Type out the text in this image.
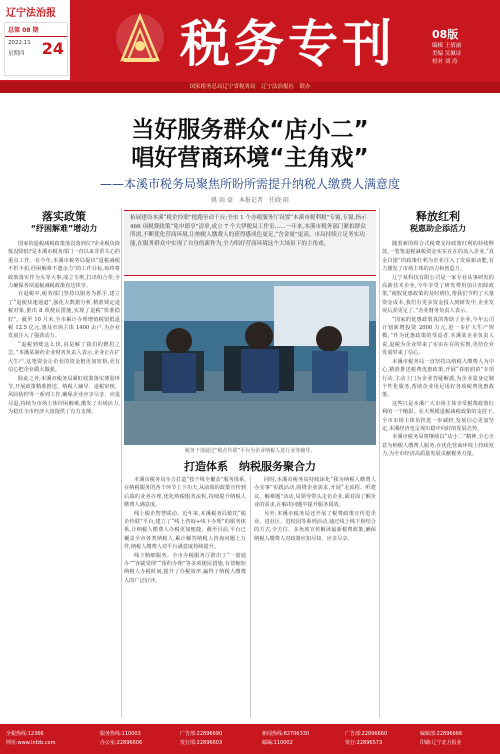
辽宁法治报
总第 08 期
2022.11
星期四	24 税务专刊	08版
编辑 王倩丽
美编 吴佩诗
校对 刘 涛
国家税务总局辽宁省税务局　辽宁法治报社　联办
当好服务群众“店小二”
唱好营商环境“主角戏”
——本溪市税务局聚焦所盼所需提升纳税人缴费人满意度
姚 雨 豪　本报记者　任晓 雨
落实政策
“纾困解难”增动力

国家的退税减税政策落没落到位?企业税负降低没降低?是本溪市税务部门一直以来非常关心的重点工作。在今年,本溪市税务局提出“退税减税不折不扣,纾困解难不遗余力”的工作目标,始终将政策落实作为头等大事,成立专班,打出组合拳,全力确保各项退税减税政策直达快享。

在退税中,税务部门坚持以服务为抓手,建立了“退税快速通道”,强化大数据分析,精准锁定退税对象,推出 8 项便民措施,实现了退税“快准稳好”。截至 10 月末,全市累计办理增值税留抵退税 12.5 亿元,惠及市场主体 1400 余户,为企业发展注入了强劲动力。

“退税到账这么快,真是解了我们的燃眉之急。”本溪某制药企业财务负责人表示,企业正在扩大生产,这笔资金让企业的资金链更加宽裕,更有信心把企业做大做强。

除此之外,本溪市税务局紧盯政策落实薄弱环节,开展政策精准推送、纳税人辅导、退税审核、风险防控等一系列工作,确保企业应享尽享、应退尽退,持续为市场主体纾困解难,激发了市场活力,为稳住全市经济大盘提供了有力支撑。

拓展建设本溪“税企拎联”抢跑至动千台;全市 1 个办税服务厅设置“本溪市税利税”专窗,专窗,指示 466 项税费政策“免申即享”清单,成立 7 个大伊税局工作室……一年来,本溪市税务部门紧扣群众所需,不断优化营商环境,让纳税人缴费人的获得感成色更足,“含金量”更高。市局持续立足务实功能,在服务群众中实现了自身的新作为,全力唱好营商环境这个大场景下的主角戏。
税务干部通过“税企拎联”平台为企业纳税人进行业务辅导。
打造体系　纳税服务聚合力

本溪市税务局全力打造“枝干线全覆盖”服务体系,在纳税服务的各个环节上下功夫,从前端的政策宣传到后端的业务办理,优化纳税服务流程,持续提升纳税人缴费人满意度。

线上税企智慧联动。近年来,本溪税务局依托“税企拎联”平台,建立了“线上咨询+线下办理”的服务体系,让纳税人缴费人办税更加便捷。截至目前,平台已覆盖全市各类纳税人,累计解答纳税人咨询问题上万件,纳税人缴费人对平台满意度持续提升。

线下精细服务。全市办税服务厅推出了“一窗通办”“容缺受理”“预约办理”等多项便民措施,有效缩短纳税人办税时间,提升了办税效率,赢得了纳税人缴费人的广泛好评。

同时,本溪市税务局持续深化“我为纳税人缴费人办实事”实践活动,围绕企业需求,开展“走流程、听建议、解难题”活动,局领导带头走访企业,面对面了解企业的需求,在解决问题中提升服务质效。

另外,本溪市税务局还开展了税费政策宣传进企业、进社区、进校园等系列活动,通过线上线下相结合的方式,全方位、多角度宣传解读最新税费政策,确保纳税人缴费人对政策应知尽知、应享尽享。

释放红利
税惠助企添活力

随着新的组合式税费支持政策红利的持续释放,一笔笔退税减税资金实实在在的流入企业,“真金白银”的政策红利为企业注入了发展新动能,有力激发了市场主体的活力和创造力。

辽宁某科技有限公司是一家专业从事研发的高新技术企业,今年享受了研发费用加计扣除政策,“税收优惠政策的及时到位,帮我们节约了大量资金成本,我们有更多资金投入到研发中,企业发展后劲更足了。”企业财务负责人表示。

“国家的优惠政策真的帮助了企业,今年公司计划新增投资 2000 万元,进一步扩大生产规模。”作为优惠政策的受益者,本溪某企业负责人说,退税为企业带来了实实在在的实惠,更给企业发展带来了信心。

本溪市税务局一直坚持以纳税人缴费人为中心,精准推送税费优惠政策,开展“春雨润苗”专项行动,主动上门为企业答疑解惑,为企业量身定制个性化服务,帮助企业用足用好各项税费优惠政策。

这些只是本溪广大市场主体享受税费政策红利的一个缩影。在大规模退税减税政策的支持下,全市市场主体负担进一步减轻,发展信心更加坚定,本溪经济也呈现出稳中向好的发展态势。

本溪市税务局将继续以“店小二”精神,全心全意为纳税人缴费人服务,在优化营商环境上持续发力,为全市经济高质量发展贡献税务力量。

全税热线:12366
网址:www.lnfzb.com
服务热线:110003
办公室:22896606
广告部:22896690
发行部:22896603
新闻热线:82706330
邮编:110002
广告部:22896660
发行:22896573
编辑部:22896666
印刷:辽宁北方报业
